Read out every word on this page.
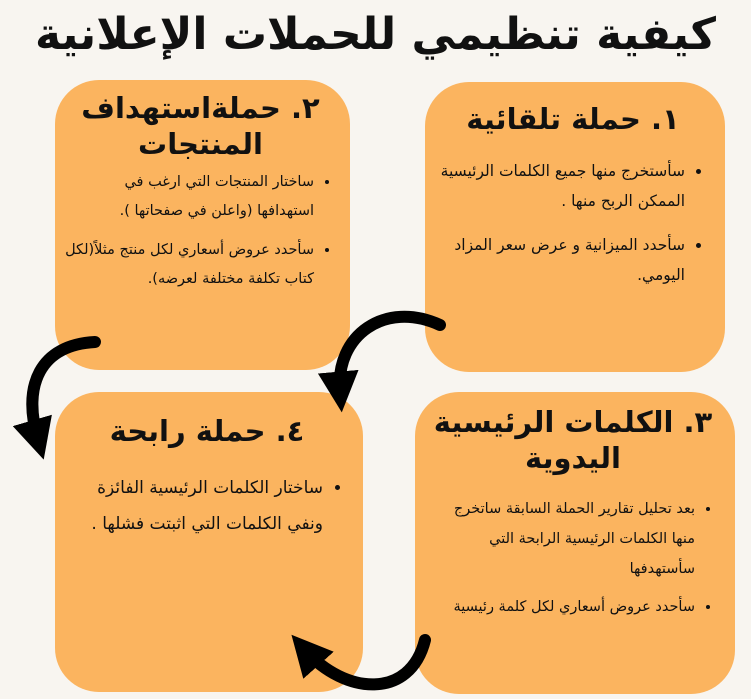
كيفية تنظيمي للحملات الإعلانية
١. حملة تلقائية
• سأستخرج منها جميع الكلمات الرئيسية الممكن الربح منها .
• سأحدد الميزانية و عرض سعر المزاد اليومي.
٢. حملةاستهداف المنتجات
• ساختار المنتجات التي ارغب في استهدافها (واعلن في صفحاتها ).
• سأحدد عروض أسعاري لكل منتج مثلاً(لكل كتاب تكلفة مختلفة لعرضه).
٣. الكلمات الرئيسية اليدوية
• بعد تحليل تقارير الحملة السابقة ساتخرج منها الكلمات الرئيسية الرابحة التي سأستهدفها
• سأحدد عروض أسعاري لكل كلمة رئيسية
٤. حملة رابحة
• ساختار الكلمات الرئيسية الفائزة ونفي الكلمات التي اثبتت فشلها .
